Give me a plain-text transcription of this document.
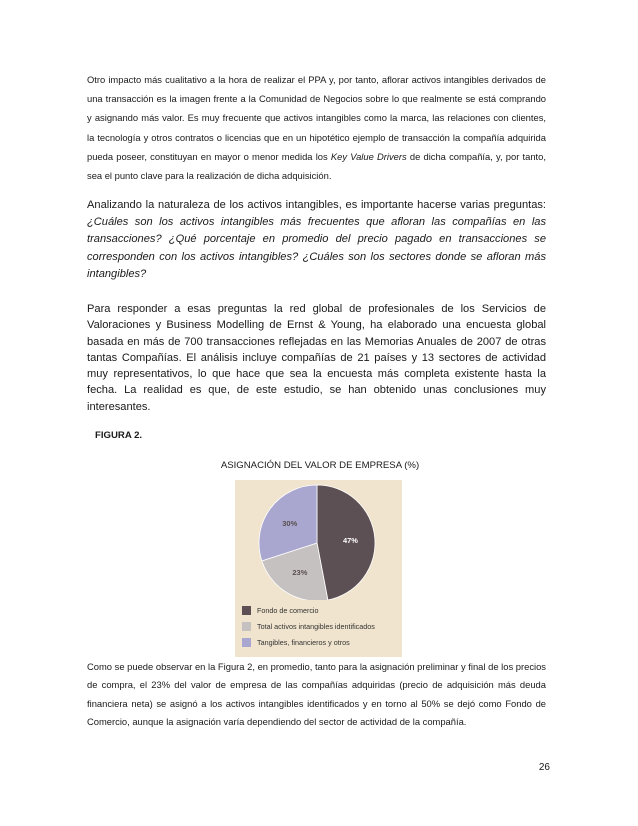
Otro impacto más cualitativo a la hora de realizar el PPA y, por tanto, aflorar activos intangibles derivados de una transacción es la imagen frente a la Comunidad de Negocios sobre lo que realmente se está comprando y asignando más valor. Es muy frecuente que activos intangibles como la marca, las relaciones con clientes, la tecnología y otros contratos o licencias que en un hipotético ejemplo de transacción la compañía adquirida pueda poseer, constituyan en mayor o menor medida los Key Value Drivers de dicha compañía, y, por tanto, sea el punto clave para la realización de dicha adquisición.

Analizando la naturaleza de los activos intangibles, es importante hacerse varias preguntas: ¿Cuáles son los activos intangibles más frecuentes que afloran las compañías en las transacciones? ¿Qué porcentaje en promedio del precio pagado en transacciones se corresponden con los activos intangibles? ¿Cuáles son los sectores donde se afloran más intangibles?

Para responder a esas preguntas la red global de profesionales de los Servicios de Valoraciones y Business Modelling de Ernst & Young, ha elaborado una encuesta global basada en más de 700 transacciones reflejadas en las Memorias Anuales de 2007 de otras tantas Compañías. El análisis incluye compañías de 21 países y 13 sectores de actividad muy representativos, lo que hace que sea la encuesta más completa existente hasta la fecha. La realidad es que, de este estudio, se han obtenido unas conclusiones muy interesantes.

FIGURA 2.

ASIGNACIÓN DEL VALOR DE EMPRESA (%)

47%
23%
30%
Fondo de comercio
Total activos intangibles identificados
Tangibles, financieros y otros

Como se puede observar en la Figura 2, en promedio, tanto para la asignación preliminar y final de los precios de compra, el 23% del valor de empresa de las compañías adquiridas (precio de adquisición más deuda financiera neta) se asignó a los activos intangibles identificados y en torno al 50% se dejó como Fondo de Comercio, aunque la asignación varía dependiendo del sector de actividad de la compañía.

26
